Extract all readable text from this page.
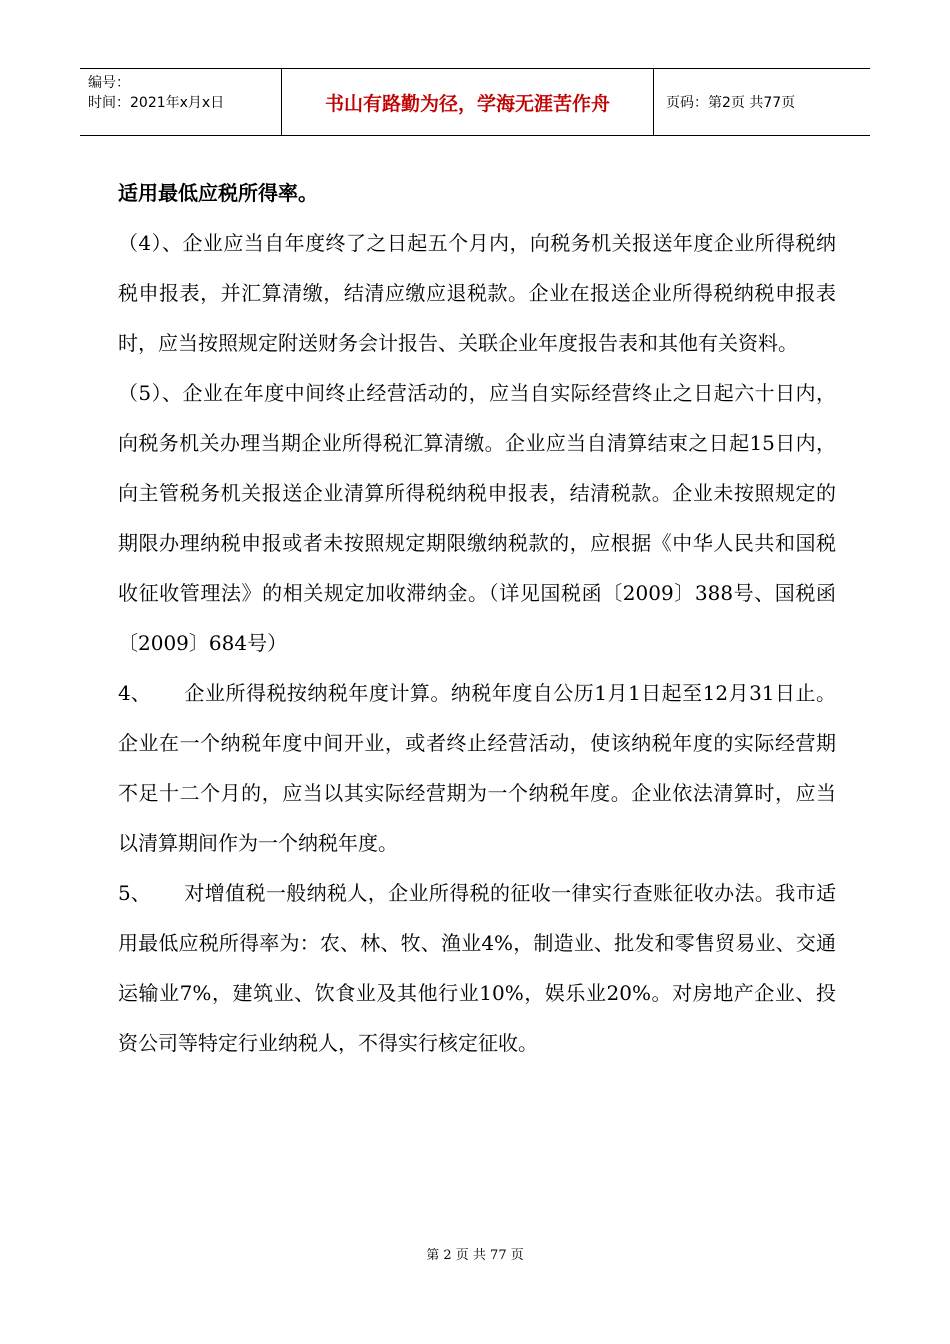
编号：
时间：2021年x月x日	书山有路勤为径，学海无涯苦作舟	页码：第2页 共77页

适用最低应税所得率。

（4）、企业应当自年度终了之日起五个月内，向税务机关报送年度企业所得税纳税申报表，并汇算清缴，结清应缴应退税款。企业在报送企业所得税纳税申报表时，应当按照规定附送财务会计报告、关联企业年度报告表和其他有关资料。

（5）、企业在年度中间终止经营活动的，应当自实际经营终止之日起六十日内，向税务机关办理当期企业所得税汇算清缴。企业应当自清算结束之日起15日内，向主管税务机关报送企业清算所得税纳税申报表，结清税款。企业未按照规定的期限办理纳税申报或者未按照规定期限缴纳税款的，应根据《中华人民共和国税收征收管理法》的相关规定加收滞纳金。（详见国税函〔2009〕388号、国税函〔2009〕684号）

4、 企业所得税按纳税年度计算。纳税年度自公历1月1日起至12月31日止。企业在一个纳税年度中间开业，或者终止经营活动，使该纳税年度的实际经营期不足十二个月的，应当以其实际经营期为一个纳税年度。企业依法清算时，应当以清算期间作为一个纳税年度。

5、 对增值税一般纳税人，企业所得税的征收一律实行查账征收办法。我市适用最低应税所得率为：农、林、牧、渔业4%，制造业、批发和零售贸易业、交通运输业7%，建筑业、饮食业及其他行业10%，娱乐业20%。对房地产企业、投资公司等特定行业纳税人，不得实行核定征收。

第 2 页 共 77 页
